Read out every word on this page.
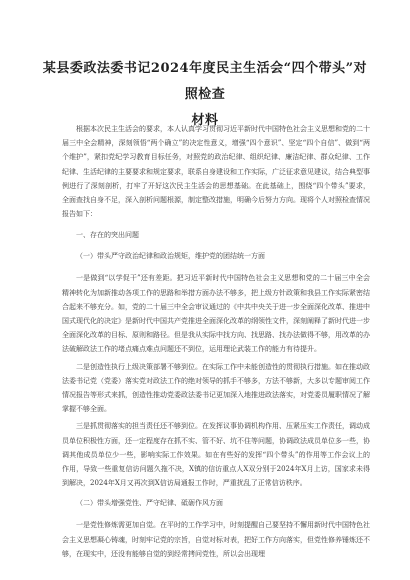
某县委政法委书记2024年度民主生活会“四个带头”对照检查
材料

根据本次民主生活会的要求，本人认真学习贯彻习近平新时代中国特色社会主义思想和党的二十届三中全会精神，深刻领悟“两个确立”的决定性意义，增强“四个意识”、坚定“四个自信”、做到“两个维护”，紧扣党纪学习教育目标任务，对照党的政治纪律、组织纪律、廉洁纪律、群众纪律、工作纪律、生活纪律的主要要求和规定要求，联系自身建设和工作实际，广泛征求意见建议，结合典型事例进行了深刻剖析，打牢了开好这次民主生活会的思想基础。在此基础上，围绕“四个带头”要求，全面查找自身不足，深入剖析问题根源，制定整改措施，明确今后努力方向。现将个人对照检查情况报告如下：

一、存在的突出问题
（一）带头严守政治纪律和政治规矩，维护党的团结统一方面

一是做到“以学促干”还有差距。把习近平新时代中国特色社会主义思想和党的二十届三中全会精神转化为加新推动各项工作的思路和举措方面办法不够多，把上级方针政策和我县工作实际紧密结合起来不够充分。如，党的二十届三中全会审议通过的《中共中央关于进一步全面深化改革、推进中国式现代化的决定》是新时代中国共产党推进全面深化改革的纲领性文件，深刻阐释了新时代进一步全面深化改革的目标、原则和路径。但是我从实际中找方向、找思路、找办法做得不够，用改革的办法破解政法工作的堵点痛点难点问题还不到位，运用理论武装工作的能力有待提升。

二是创造性执行上级决策部署不够到位。在实际工作中未能创造性的贯彻执行措施。如在推动政法委书记党（党委）落实党对政法工作的绝对领导的抓手不够多，方法不够新，大多以专题审阅工作情况报告等形式来抓，创造性推动党委政法委书记更加深入地推进政法落实，对党委员履职情况了解掌握不够全面。

三是抓贯彻落实的担当责任还不够到位。在发挥议事协调机构作用、压紧压实工作责任，调动成员单位积极性方面，还一定程度存在抓不实、管不好、坑不住等问题，协调政法成员单位多一些，协调其他成员单位少一些，影响实际工作效果。如在有些好的发挥“四个带头”的作用等工作会议上的作用，导致一些重复信访问题久拖不决，X镇的信访重点人X双分别于2024年X月上访，国家求未得到解决，2024年X月又再次到X信访局通报工作时，严重扰乱了正常信访秩序。

（二）带头增强党性、严守纪律、砥砺作风方面

一是党性修炼需更加自觉。在平时的工作学习中，时刻提醒自己要坚持不懈用新时代中国特色社会主义思想凝心铸魂，时刻牢记党的宗旨，自觉对标对表，把好工作方向落实，但党性修养锤炼还不够，在现实中，还没有能够自觉的到经常拷问党性，所以会出现埋
